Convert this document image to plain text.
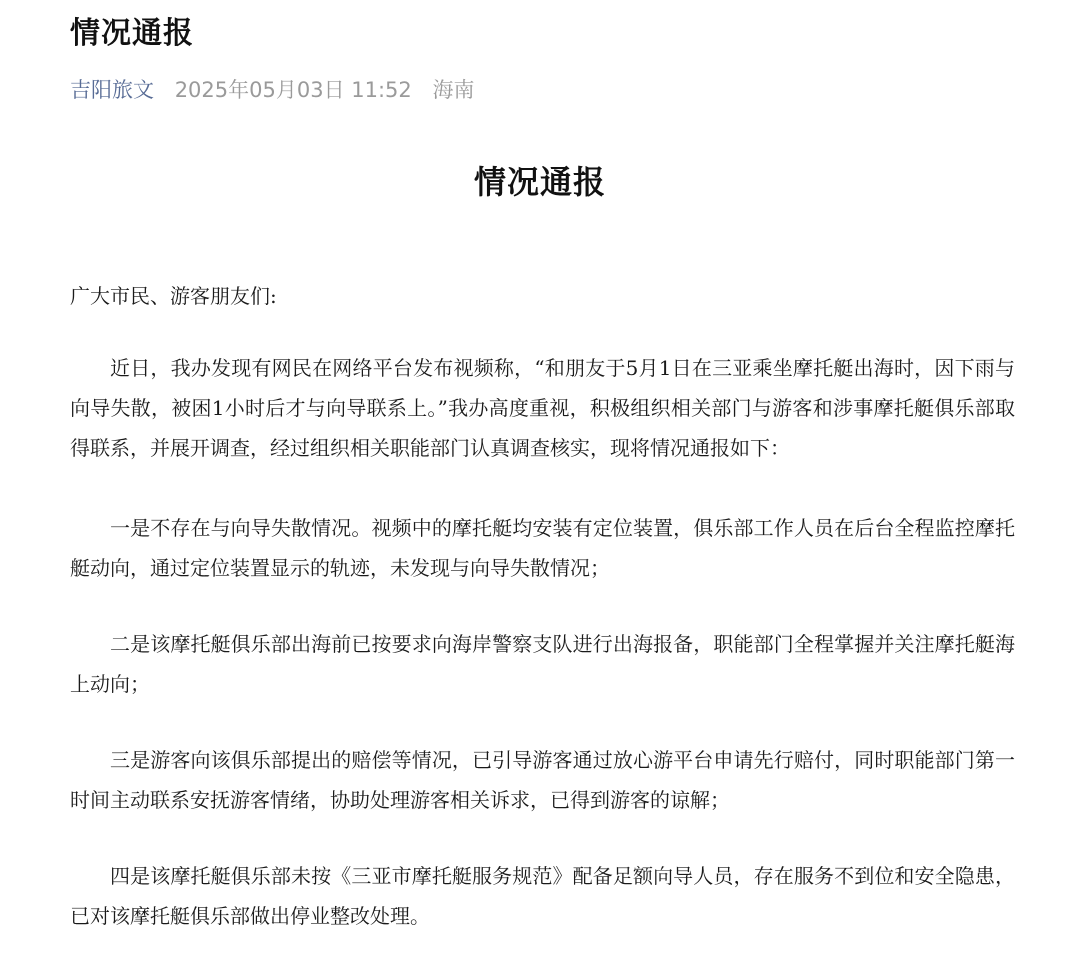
情况通报
吉阳旅文 2025年05月03日 11:52 海南
情况通报

广大市民、游客朋友们:

近日，我办发现有网民在网络平台发布视频称，“和朋友于5月1日在三亚乘坐摩托艇出海时，因下雨与向导失散，被困1小时后才与向导联系上。”我办高度重视，积极组织相关部门与游客和涉事摩托艇俱乐部取得联系，并展开调查，经过组织相关职能部门认真调查核实，现将情况通报如下：

一是不存在与向导失散情况。视频中的摩托艇均安装有定位装置，俱乐部工作人员在后台全程监控摩托艇动向，通过定位装置显示的轨迹，未发现与向导失散情况；

二是该摩托艇俱乐部出海前已按要求向海岸警察支队进行出海报备，职能部门全程掌握并关注摩托艇海上动向；

三是游客向该俱乐部提出的赔偿等情况，已引导游客通过放心游平台申请先行赔付，同时职能部门第一时间主动联系安抚游客情绪，协助处理游客相关诉求，已得到游客的谅解；

四是该摩托艇俱乐部未按《三亚市摩托艇服务规范》配备足额向导人员，存在服务不到位和安全隐患，已对该摩托艇俱乐部做出停业整改处理。
